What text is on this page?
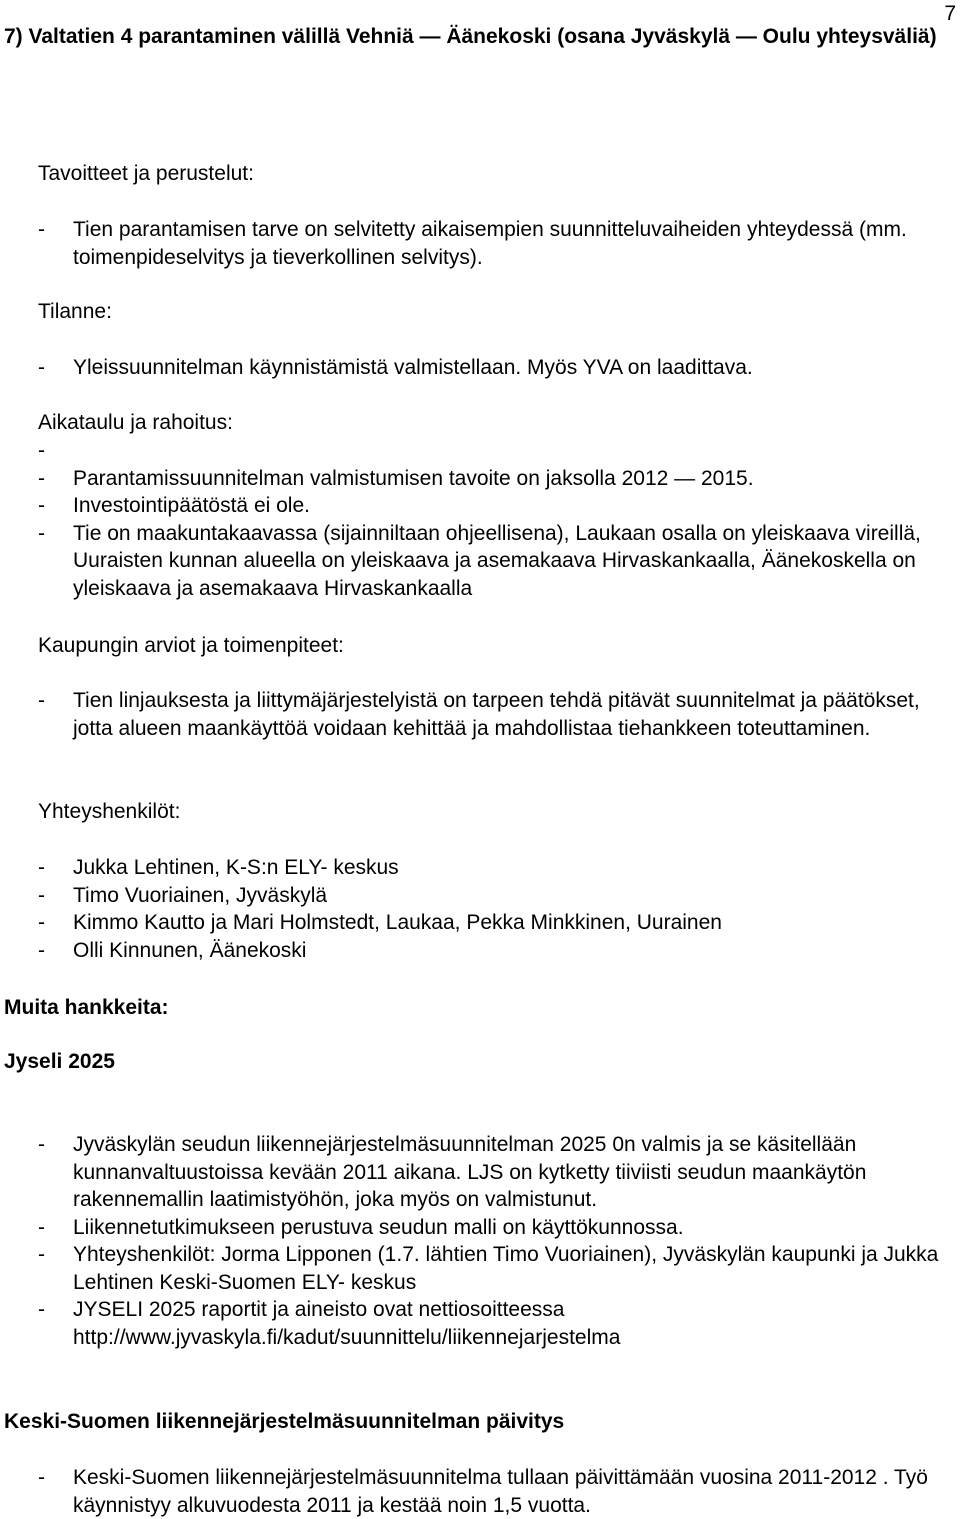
7
7) Valtatien 4 parantaminen välillä Vehniä — Äänekoski (osana Jyväskylä — Oulu yhteysväliä)
Tavoitteet ja perustelut:
- Tien parantamisen tarve on selvitetty aikaisempien suunnitteluvaiheiden yhteydessä (mm. toimenpideselvitys ja tieverkollinen selvitys).
Tilanne:
- Yleissuunnitelman käynnistämistä valmistellaan. Myös YVA on laadittava.
Aikataulu ja rahoitus:
-

- Parantamissuunnitelman valmistumisen tavoite on jaksolla 2012 — 2015.
- Investointipäätöstä ei ole.
- Tie on maakuntakaavassa (sijainniltaan ohjeellisena), Laukaan osalla on yleiskaava vireillä, Uuraisten kunnan alueella on yleiskaava ja asemakaava Hirvaskankaalla, Äänekoskella on yleiskaava ja asemakaava Hirvaskankaalla
Kaupungin arviot ja toimenpiteet:
- Tien linjauksesta ja liittymäjärjestelyistä on tarpeen tehdä pitävät suunnitelmat ja päätökset, jotta alueen maankäyttöä voidaan kehittää ja mahdollistaa tiehankkeen toteuttaminen.
Yhteyshenkilöt:
- Jukka Lehtinen, K-S:n ELY- keskus
- Timo Vuoriainen, Jyväskylä
- Kimmo Kautto ja Mari Holmstedt, Laukaa, Pekka Minkkinen, Uurainen
- Olli Kinnunen, Äänekoski
Muita hankkeita:
Jyseli 2025
- Jyväskylän seudun liikennejärjestelmäsuunnitelman 2025 0n valmis ja se käsitellään kunnanvaltuustoissa kevään 2011 aikana. LJS on kytketty tiiviisti seudun maankäytön rakennemallin laatimistyöhön, joka myös on valmistunut.
- Liikennetutkimukseen perustuva seudun malli on käyttökunnossa.
- Yhteyshenkilöt: Jorma Lipponen (1.7. lähtien Timo Vuoriainen), Jyväskylän kaupunki ja Jukka Lehtinen Keski-Suomen ELY- keskus
- JYSELI 2025 raportit ja aineisto ovat nettiosoitteessa http://www.jyvaskyla.fi/kadut/suunnittelu/liikennejarjestelma
Keski-Suomen liikennejärjestelmäsuunnitelman päivitys
- Keski-Suomen liikennejärjestelmäsuunnitelma tullaan päivittämään vuosina 2011-2012 . Työ käynnistyy alkuvuodesta 2011 ja kestää noin 1,5 vuotta.
